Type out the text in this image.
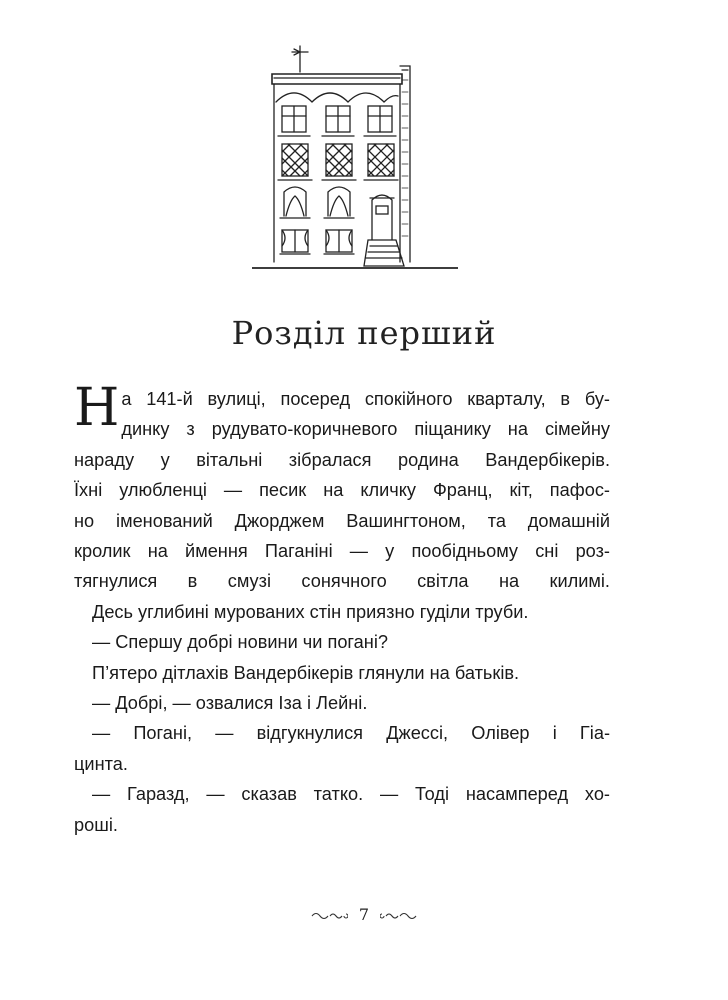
Розділ перший
Н а 141-й вулиці, посеред спокійного кварталу, в бу-
динку з рудувато-коричневого піщанику на сімейну
нараду у вітальні зібралася родина Вандербікерів.
Їхні улюбленці — песик на кличку Франц, кіт, пафос-
но іменований Джорджем Вашингтоном, та домашній
кролик на ймення Паганіні — у пообідньому сні роз-
тягнулися в смузі сонячного світла на килимі.
Десь углибині мурованих стін приязно гуділи труби.
— Спершу добрі новини чи погані?
П’ятеро дітлахів Вандербікерів глянули на батьків.
— Добрі, — озвалися Іза і Лейні.
— Погані, — відгукнулися Джессі, Олівер і Гіа-
цинта.
— Гаразд, — сказав татко. — Тоді насамперед хо-
роші.
7
